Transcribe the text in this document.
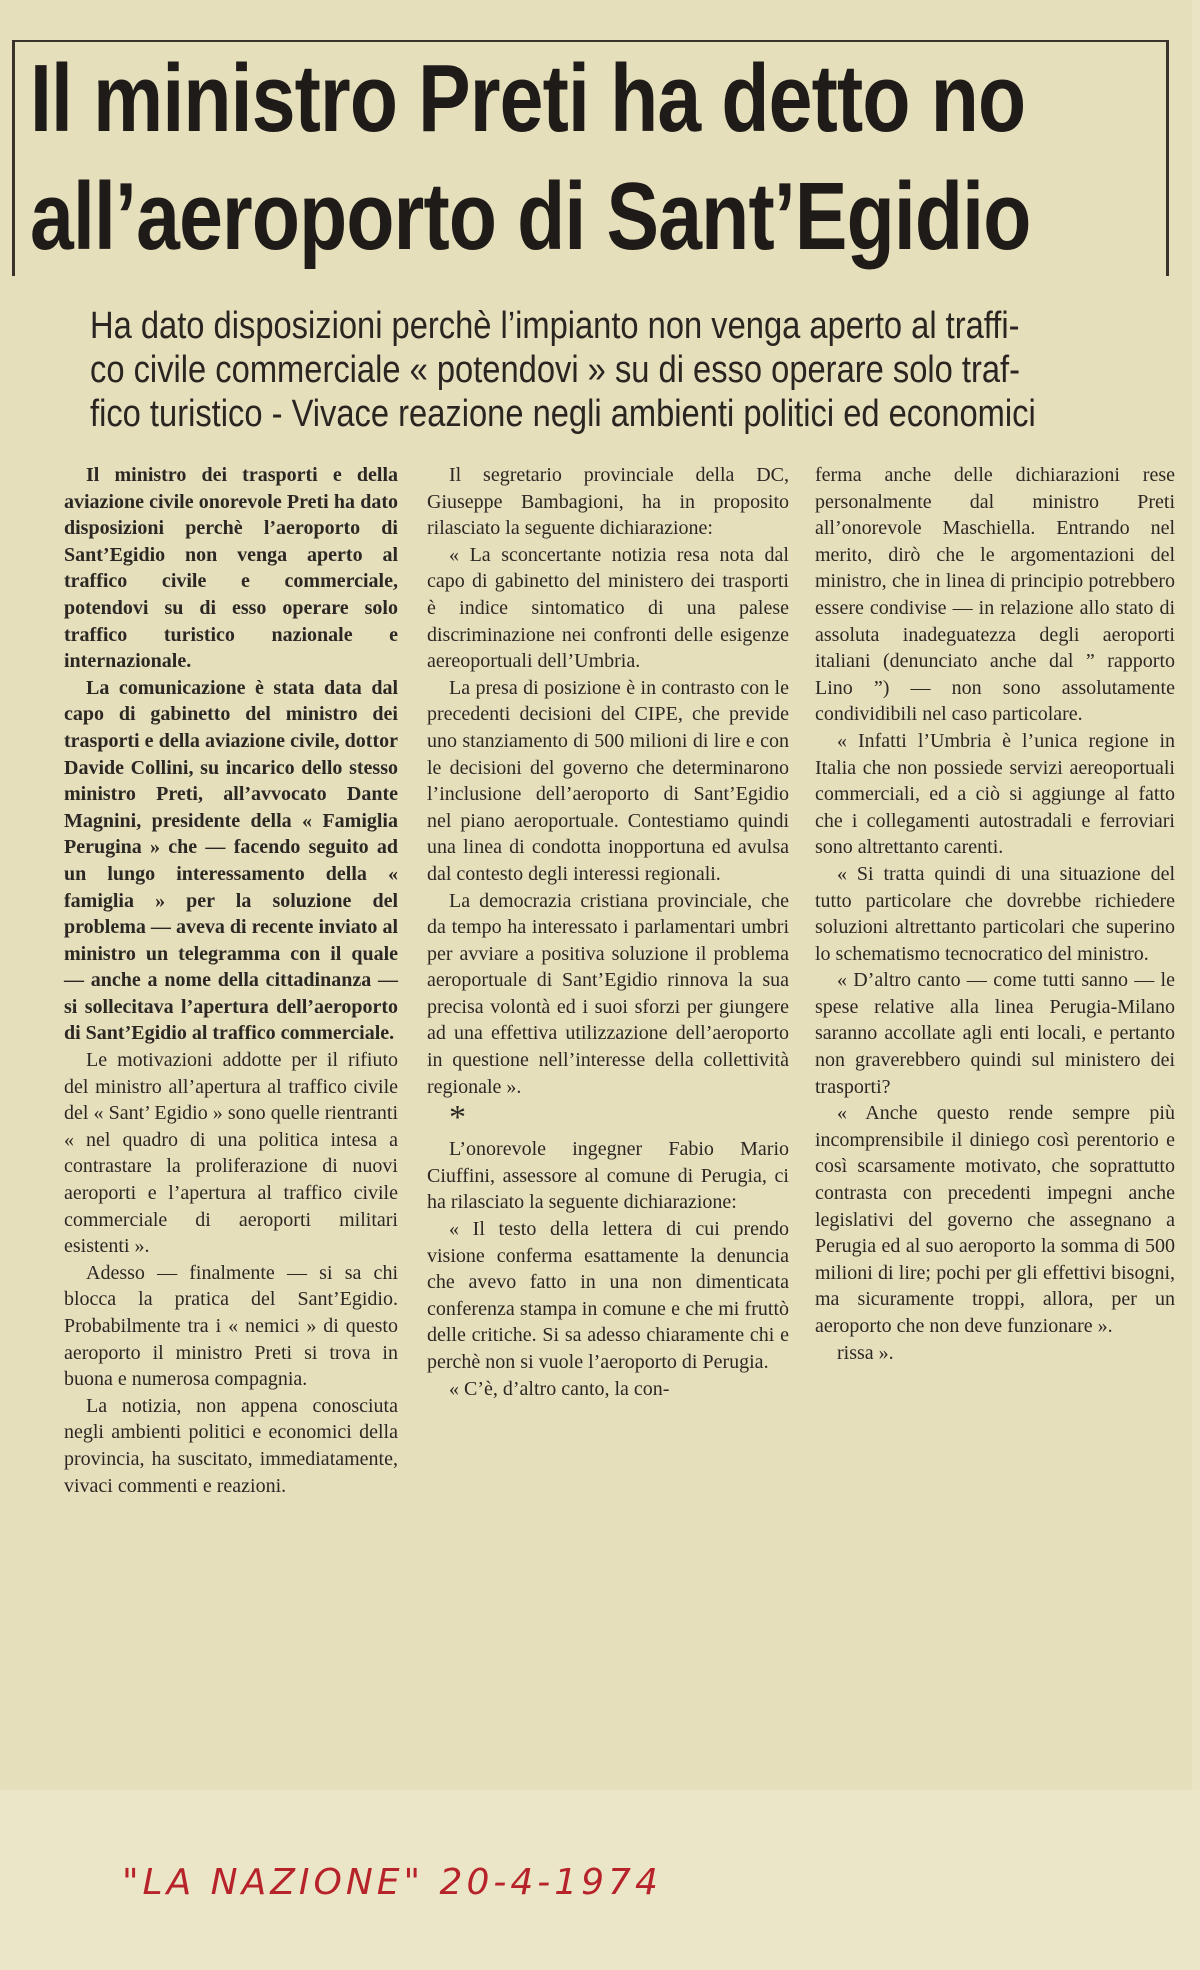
Il ministro Preti ha detto no
all’aeroporto di Sant’Egidio
Ha dato disposizioni perchè l’impianto non venga aperto al traffi-
co civile commerciale « potendovi » su di esso operare solo traf-
fico turistico - Vivace reazione negli ambienti politici ed economici

Il ministro dei trasporti e della aviazione civile onorevole Preti ha dato disposizioni perchè l’aeroporto di Sant’Egidio non venga aperto al traffico civile e commerciale, potendovi su di esso operare solo traffico turistico nazionale e internazionale.

La comunicazione è stata data dal capo di gabinetto del ministro dei trasporti e della aviazione civile, dottor Davide Collini, su incarico dello stesso ministro Preti, all’avvocato Dante Magnini, presidente della « Famiglia Perugina » che — facendo seguito ad un lungo interessamento della « famiglia » per la soluzione del problema — aveva di recente inviato al ministro un telegramma con il quale — anche a nome della cittadinanza — si sollecitava l’apertura dell’aeroporto di Sant’Egidio al traffico commerciale.

Le motivazioni addotte per il rifiuto del ministro all’apertura al traffico civile del « Sant’ Egidio » sono quelle rientranti « nel quadro di una politica intesa a contrastare la proliferazione di nuovi aeroporti e l’apertura al traffico civile commerciale di aeroporti militari esistenti ».

Adesso — finalmente — si sa chi blocca la pratica del Sant’Egidio. Probabilmente tra i « nemici » di questo aeroporto il ministro Preti si trova in buona e numerosa compagnia.

La notizia, non appena conosciuta negli ambienti politici e economici della provincia, ha suscitato, immediatamente, vivaci commenti e reazioni.

Il segretario provinciale della DC, Giuseppe Bambagioni, ha in proposito rilasciato la seguente dichiarazione:

« La sconcertante notizia resa nota dal capo di gabinetto del ministero dei trasporti è indice sintomatico di una palese discriminazione nei confronti delle esigenze aereoportuali dell’Umbria.

La presa di posizione è in contrasto con le precedenti decisioni del CIPE, che previde uno stanziamento di 500 milioni di lire e con le decisioni del governo che determinarono l’inclusione dell’aeroporto di Sant’Egidio nel piano aeroportuale. Contestiamo quindi una linea di condotta inopportuna ed avulsa dal contesto degli interessi regionali.

La democrazia cristiana provinciale, che da tempo ha interessato i parlamentari umbri per avviare a positiva soluzione il problema aeroportuale di Sant’Egidio rinnova la sua precisa volontà ed i suoi sforzi per giungere ad una effettiva utilizzazione dell’aeroporto in questione nell’interesse della collettività regionale ».

*

L’onorevole ingegner Fabio Mario Ciuffini, assessore al comune di Perugia, ci ha rilasciato la seguente dichiarazione:

« Il testo della lettera di cui prendo visione conferma esattamente la denuncia che avevo fatto in una non dimenticata conferenza stampa in comune e che mi fruttò delle critiche. Si sa adesso chiaramente chi e perchè non si vuole l’aeroporto di Perugia.

« C’è, d’altro canto, la con-

ferma anche delle dichiarazioni rese personalmente dal ministro Preti all’onorevole Maschiella. Entrando nel merito, dirò che le argomentazioni del ministro, che in linea di principio potrebbero essere condivise — in relazione allo stato di assoluta inadeguatezza degli aeroporti italiani (denunciato anche dal ” rapporto Lino ”) — non sono assolutamente condividibili nel caso particolare.

« Infatti l’Umbria è l’unica regione in Italia che non possiede servizi aereoportuali commerciali, ed a ciò si aggiunge al fatto che i collegamenti autostradali e ferroviari sono altrettanto carenti.

« Si tratta quindi di una situazione del tutto particolare che dovrebbe richiedere soluzioni altrettanto particolari che superino lo schematismo tecnocratico del ministro.

« D’altro canto — come tutti sanno — le spese relative alla linea Perugia-Milano saranno accollate agli enti locali, e pertanto non graverebbero quindi sul ministero dei trasporti?

« Anche questo rende sempre più incomprensibile il diniego così perentorio e così scarsamente motivato, che soprattutto contrasta con precedenti impegni anche legislativi del governo che assegnano a Perugia ed al suo aeroporto la somma di 500 milioni di lire; pochi per gli effettivi bisogni, ma sicuramente troppi, allora, per un aeroporto che non deve funzionare ».

rissa ».

"LA NAZIONE" 20-4-1974
